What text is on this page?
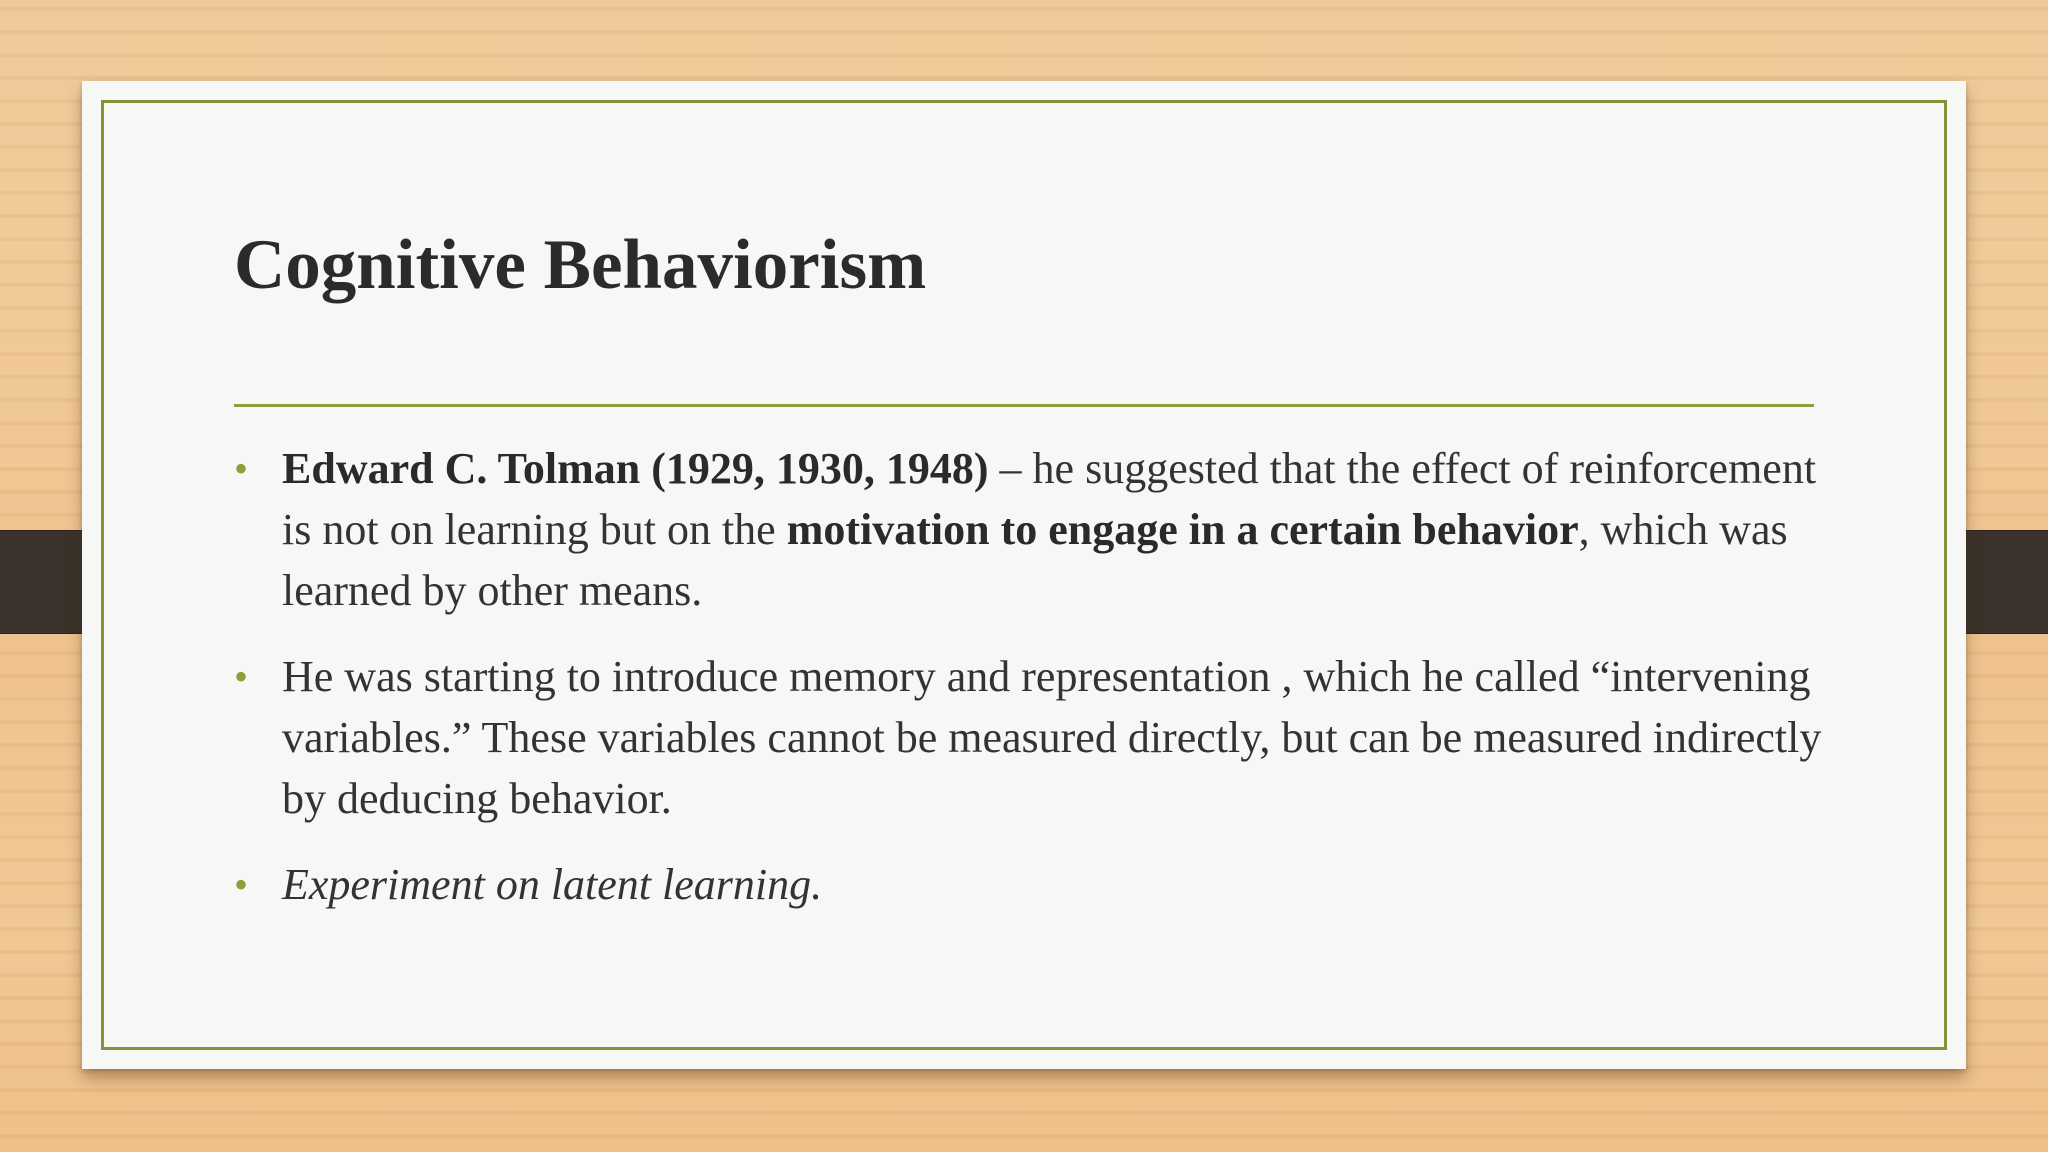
Cognitive Behaviorism
• Edward C. Tolman (1929, 1930, 1948) – he suggested that the effect of reinforcement is not on learning but on the motivation to engage in a certain behavior, which was learned by other means.
• He was starting to introduce memory and representation , which he called “intervening variables.” These variables cannot be measured directly, but can be measured indirectly by deducing behavior.
• Experiment on latent learning.
